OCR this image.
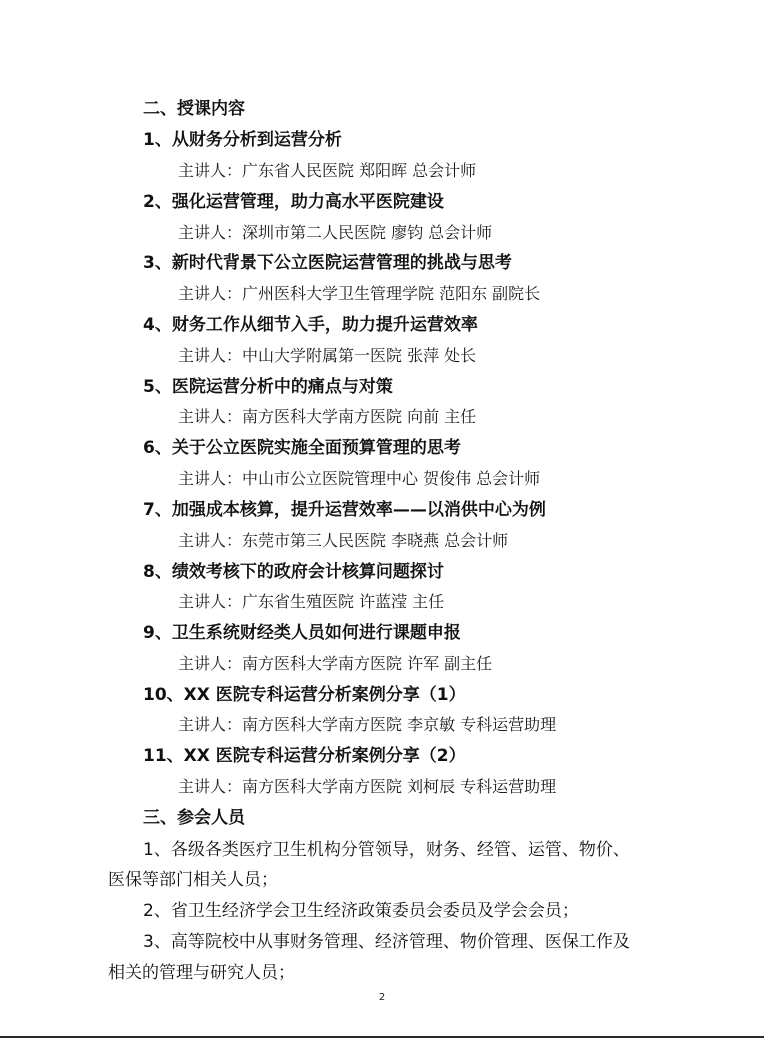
二、授课内容
1、从财务分析到运营分析
主讲人：广东省人民医院 郑阳晖 总会计师
2、强化运营管理，助力高水平医院建设
主讲人：深圳市第二人民医院 廖钧 总会计师
3、新时代背景下公立医院运营管理的挑战与思考
主讲人：广州医科大学卫生管理学院 范阳东 副院长
4、财务工作从细节入手，助力提升运营效率
主讲人：中山大学附属第一医院 张萍 处长
5、医院运营分析中的痛点与对策
主讲人：南方医科大学南方医院 向前 主任
6、关于公立医院实施全面预算管理的思考
主讲人：中山市公立医院管理中心 贺俊伟 总会计师
7、加强成本核算，提升运营效率——以消供中心为例
主讲人：东莞市第三人民医院 李晓燕 总会计师
8、绩效考核下的政府会计核算问题探讨
主讲人：广东省生殖医院 许蓝滢 主任
9、卫生系统财经类人员如何进行课题申报
主讲人：南方医科大学南方医院 许军 副主任
10、XX 医院专科运营分析案例分享（1）
主讲人：南方医科大学南方医院 李京敏 专科运营助理
11、XX 医院专科运营分析案例分享（2）
主讲人：南方医科大学南方医院 刘柯辰 专科运营助理
三、参会人员
1、各级各类医疗卫生机构分管领导，财务、经管、运管、物价、
医保等部门相关人员；
2、省卫生经济学会卫生经济政策委员会委员及学会会员；
3、高等院校中从事财务管理、经济管理、物价管理、医保工作及
相关的管理与研究人员；
2
